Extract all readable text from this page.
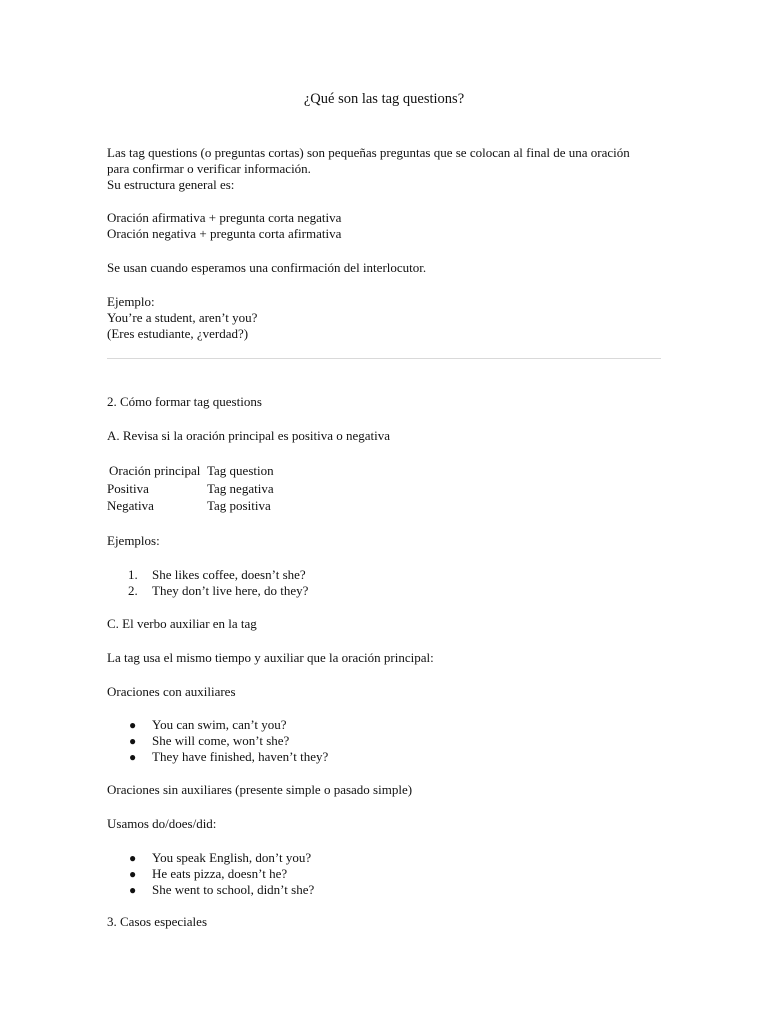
¿Qué son las tag questions?

Las tag questions (o preguntas cortas) son pequeñas preguntas que se colocan al final de una oración
para confirmar o verificar información.
Su estructura general es:

Oración afirmativa + pregunta corta negativa
Oración negativa + pregunta corta afirmativa

Se usan cuando esperamos una confirmación del interlocutor.

Ejemplo:
You’re a student, aren’t you?
(Eres estudiante, ¿verdad?)

2. Cómo formar tag questions

A. Revisa si la oración principal es positiva o negativa

Oración principal	Tag question
Positiva	Tag negativa
Negativa	Tag positiva

Ejemplos:

1.	She likes coffee, doesn’t she?
2.	They don’t live here, do they?

C. El verbo auxiliar en la tag

La tag usa el mismo tiempo y auxiliar que la oración principal:

Oraciones con auxiliares

● You can swim, can’t you?
● She will come, won’t she?
● They have finished, haven’t they?

Oraciones sin auxiliares (presente simple o pasado simple)

Usamos do/does/did:

● You speak English, don’t you?
● He eats pizza, doesn’t he?
● She went to school, didn’t she?

3. Casos especiales
